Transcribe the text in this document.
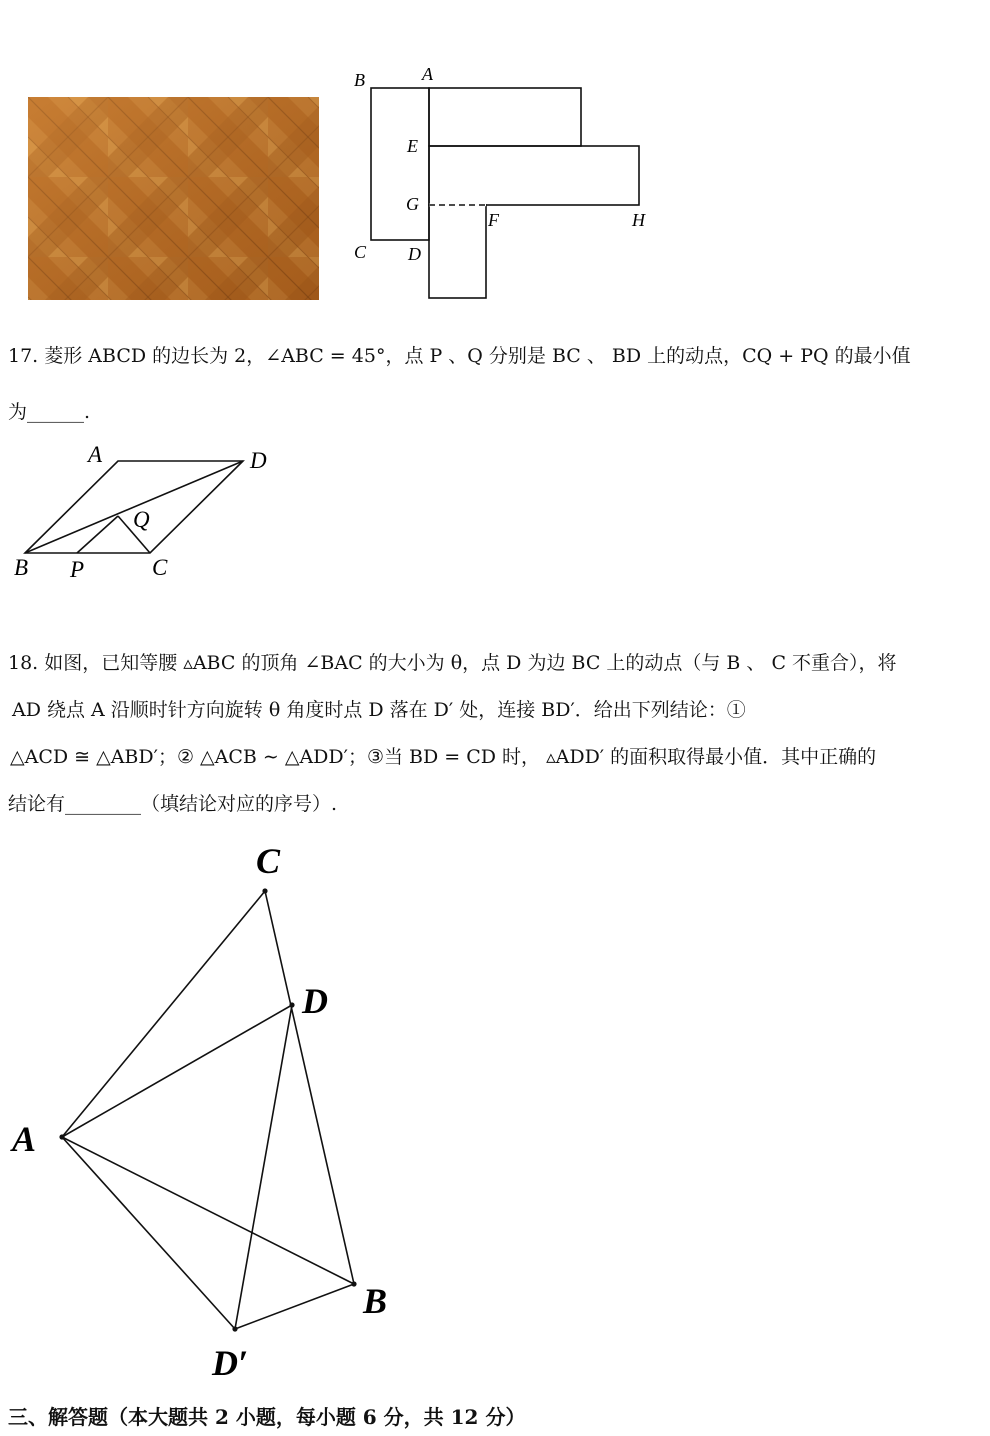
B	A
E
G
F	H
C D
17. 菱形 ABCD 的边长为 2，∠ABC = 45°，点 P 、Q 分别是 BC 、 BD 上的动点，CQ + PQ 的最小值
为______.
A	D
Q
B P	C
18. 如图，已知等腰 ▵ABC 的顶角 ∠BAC 的大小为 θ，点 D 为边 BC 上的动点（与 B 、 C 不重合），将
AD 绕点 A 沿顺时针方向旋转 θ 角度时点 D 落在 D′ 处，连接 BD′．给出下列结论：①
△ACD ≅ △ABD′；② △ACB ∼ △ADD′；③当 BD = CD 时， ▵ADD′ 的面积取得最小值．其中正确的
结论有________（填结论对应的序号）.
C
D
A
B
D′
三、解答题（本大题共 2 小题，每小题 6 分，共 12 分）
